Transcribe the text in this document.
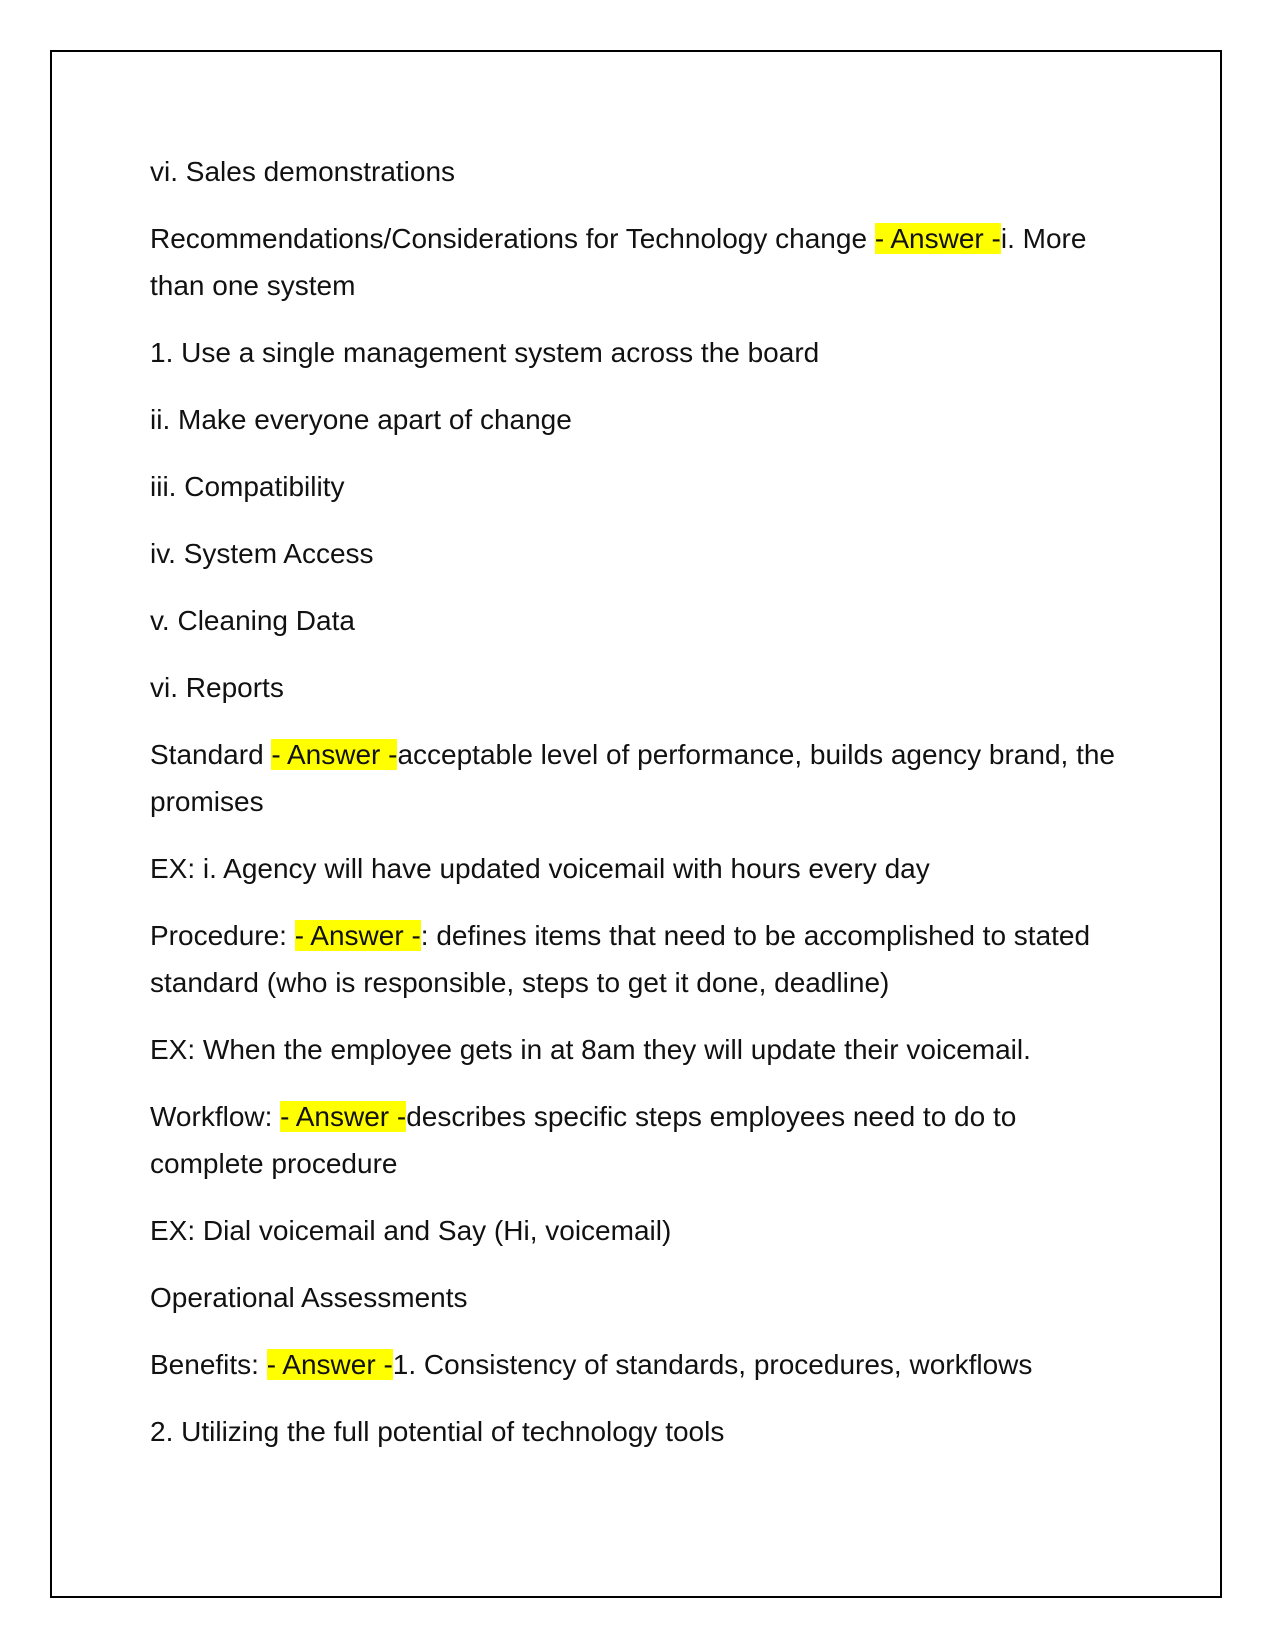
vi. Sales demonstrations

Recommendations/Considerations for Technology change - Answer -i. More than one system

1. Use a single management system across the board

ii. Make everyone apart of change

iii. Compatibility

iv. System Access

v. Cleaning Data

vi. Reports

Standard - Answer -acceptable level of performance, builds agency brand, the promises

EX: i. Agency will have updated voicemail with hours every day

Procedure: - Answer -: defines items that need to be accomplished to stated standard (who is responsible, steps to get it done, deadline)

EX: When the employee gets in at 8am they will update their voicemail.

Workflow: - Answer -describes specific steps employees need to do to complete procedure

EX: Dial voicemail and Say (Hi, voicemail)

Operational Assessments

Benefits: - Answer -1. Consistency of standards, procedures, workflows

2. Utilizing the full potential of technology tools
